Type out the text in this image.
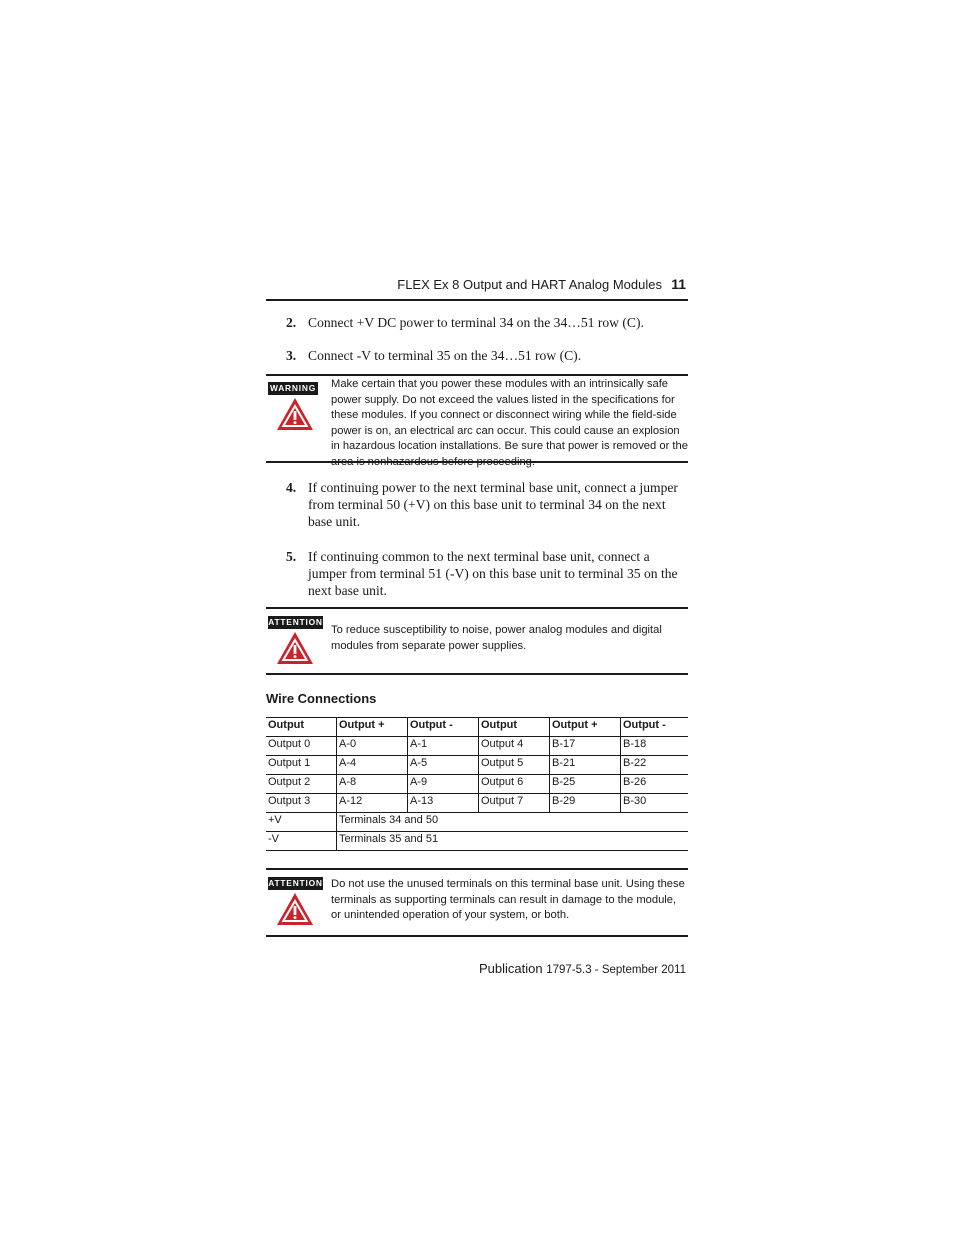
FLEX Ex 8 Output and HART Analog Modules 11
2. Connect +V DC power to terminal 34 on the 34…51 row (C).
3. Connect -V to terminal 35 on the 34…51 row (C).
WARNING Make certain that you power these modules with an intrinsically safe power supply. Do not exceed the values listed in the specifications for these modules. If you connect or disconnect wiring while the field-side power is on, an electrical arc can occur. This could cause an explosion in hazardous location installations. Be sure that power is removed or the
4. If continuing power to the next terminal base unit, connect a jumper from terminal 50 (+V) on this base unit to terminal 34 on the next base unit.
5. If continuing common to the next terminal base unit, connect a jumper from terminal 51 (-V) on this base unit to terminal 35 on the next base unit.
ATTENTION
To reduce susceptibility to noise, power analog modules and digital modules from separate power supplies.
Wire Connections
Output	Output +	Output -	Output	Output +	Output -
Output 0	A-0	A-1	Output 4	B-17	B-18
Output 1	A-4	A-5	Output 5	B-21	B-22
Output 2	A-8	A-9	Output 6	B-25	B-26
Output 3	A-12	A-13	Output 7	B-29	B-30
+V	Terminals 34 and 50				
-V	Terminals 35 and 51				
ATTENTION Do not use the unused terminals on this terminal base unit. Using these terminals as supporting terminals can result in damage to the module, or unintended operation of your system, or both.
Publication 1797-5.3 - September 2011
